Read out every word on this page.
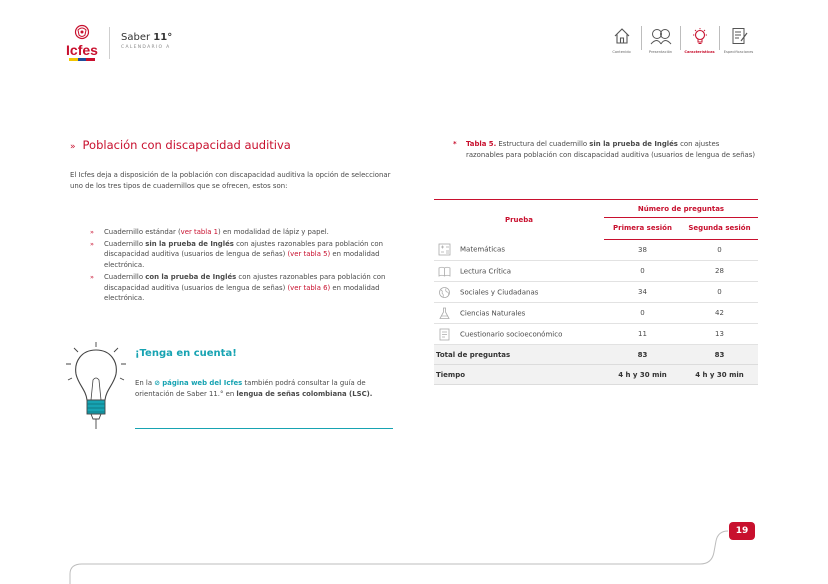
Icfes
Saber 11°
CALENDARIO A
Contenido	Presentación	Características	Especificaciones
» Población con discapacidad auditiva

El Icfes deja a disposición de la población con discapacidad auditiva la opción de seleccionar uno de los tres tipos de cuadernillos que se ofrecen, estos son:

» Cuadernillo estándar (ver tabla 1) en modalidad de lápiz y papel.
» Cuadernillo sin la prueba de Inglés con ajustes razonables para población con discapacidad auditiva (usuarios de lengua de señas) (ver tabla 5) en modalidad electrónica.
» Cuadernillo con la prueba de Inglés con ajustes razonables para población con discapacidad auditiva (usuarios de lengua de señas) (ver tabla 6) en modalidad electrónica.
¡Tenga en cuenta!

En la ⊘ página web del Icfes también podrá consultar la guía de orientación de Saber 11.° en lengua de señas colombiana (LSC).

*	Tabla 5. Estructura del cuadernillo sin la prueba de Inglés con ajustes razonables para población con discapacidad auditiva (usuarios de lengua de señas)
Prueba	Número de preguntas	
	Primera sesión	Segunda sesión
Matemáticas	38	0
Lectura Crítica	0	28
Sociales y Ciudadanas	34	0
Ciencias Naturales	0	42
Cuestionario socioeconómico	11	13
Total de preguntas	83	83
Tiempo	4 h y 30 min	4 h y 30 min
19
